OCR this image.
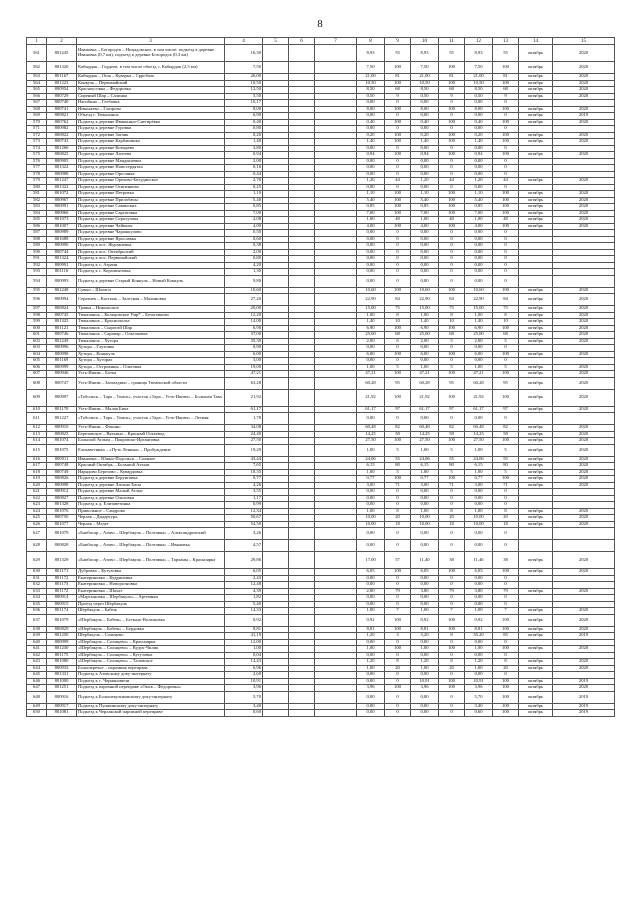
8
1	2	3	4	5	6	7	8	9	10	11	12	13	14	15
561	801245	Ивановка – Богородск – Ницадовское, в том числе: подъезд к деревне Ивановка (0,7 км), подъезд к деревне Богородск (0,3 км)	16,30				8,93	55	8,93	55	8,93	55	октябрь	2020
562	801320	Кабырдак – Гордеев, в том числе объезд с. Кабырдак (2,5 км)	7,50				7,50	100	7,50	100	7,50	100	октябрь	2020
563	801167	Кабырдак – Оша – Куварка – Срробаль	26,00				21,00	81	21,00	81	21,00	81	октябрь	2020
564	801223	Конкуль – Первомайский	10,50				10,50	100	10,50	100	10,50	100	октябрь	2020
565	800954	Красноусовка – Федоровка	12,50				8,50	68	8,50	68	8,50	68	октябрь	2020
566	800729	Сиреный Шар – Салинка	5,50				0,50	9	0,50	9	0,50	9	октябрь	2020
567	800740	Нагибино – Глебовка	10,17				0,00	0	0,00	0	0,00	0		
568	800741	Николаево – Глазрово	8,00				8,00	100	8,00	100	8,00	100	октябрь	2020
569	800821	Объезд г. Тюкалинск	6,90				0,00	0	0,00	0	0,00	0	октябрь	2019
570	800762	Подъезд к деревне Ивашкино-Снегирёвка	0,40				0,40	100	0,40	100	0,40	100	октябрь	2020
571	800982	Подъезд к деревне Гуровка	0,80				0,00	0	0,00	0	0,00	0		
572	800822	Подъезд к деревне Загаик	0,20				0,20	100	0,20	100	0,20	100	октябрь	2020
573	800743	Подъезд к деревне Карбашинка	1,40				1,40	100	1,40	100	1,40	100	октябрь	2020
574	801266	Подъезд к деревне Козырево	3,80				0,00	0	0,00	0	0,00	0		
575	800825	Подъезд к деревне Лаптева	0,94				0,94	100	0,94	100	0,94	100	октябрь	2020
576	800905	Подъезд к деревне Мандышевка	2,00				0,00	0	0,00	0	0,00	0		
577	801322	Подъезд к деревне Новосердятка	0,16				0,00	0	0,00	0	0,00	0		
578	800988	Подъезд к деревне Оросинка	0,44				0,00	0	0,00	0	0,00	0		
579	801247	Подъезд к деревне Орехово-Белудинское	2,70				1,20	44	1,20	44	1,20	44	октябрь	2020
580	801322	Подъезд к деревне Осипенково	0,25				0,00	0	0,00	0	0,00	0		
581	801072	Подъезд к деревне Петровка	1,10				1,10	100	1,10	100	1,10	100	октябрь	2020
582	800967	Подъезд к деревне Прилобачы	5,40				5,40	100	5,40	100	5,40	100	октябрь	2020
583	800991	Подъезд к деревне Савинских	0,85				0,85	100	0,85	100	0,85	100	октябрь	2020
584	800966	Подъезд к деревне Саргатавка	7,00				7,00	100	7,00	100	7,00	100	октябрь	2020
585	801073	Подъезд к деревне Серолузика	2,08				1,00	48	1,00	48	1,00	48	октябрь	2020
586	801007	Подъезд к деревне Чайкалы	4,00				4,00	100	4,00	100	4,00	100	октябрь	2020
587	800989	Подъезд к деревне Чарашкулово	0,50				0,00	0	0,00	0	0,00	0		
588	801688	Подъезд к деревне Ярославка	0,60				0,00	0	0,00	0	0,00	0		
589	800990	Подъезд к пос. Журавлевка	0,38				0,00	0	0,00	0	0,00	0		
590	800744	Подъезд к пос. Октябрьский	2,00				0,00	0	0,00	0	0,00	0		
591	801324	Подъезд к пос. Первомайский	0,80				0,00	0	0,00	0	0,00	0		
592	800991	Подъезд к с. Атрачи	4,20				0,00	0	0,00	0	0,00	0		
593	801116	Подъезд к с. Коралинтовка	1,30				0,00	0	0,00	0	0,00	0		
594	800993	Подъезд к деревне Старый Конкуль – Новый Конкуль	9,80				0,00	0	0,00	0	0,00	0		
595	801248	Сувыо – Шалаги	10,60				10,60	100	10,60	100	10,60	100	октябрь	2020
596	800994	Сератнек – Кастыль – Залесная – Малиновка	27,20				22,90	84	22,90	84	22,90	84	октябрь	2020
597	800824	Травка – Никольское	20,00				15,00	75	15,00	75	15,00	75	октябрь	2020
598	800745	Тюкалинск – Кольцовское Умр* – Безоговково	12,20				1,00	8	1,00	8	1,00	8	октябрь	2020
599	801325	Тюкалинск – Краснополье	14,00				1,40	10	1,40	10	1,40	10	октябрь	2020
600	801121	Тюкалинск – Сыропзй Шар	6,90				6,90	100	6,90	100	6,90	100	октябрь	2020
601	800746	Тюкалинск – Сарапар – Ольгоковка	37,00				25,00	68	25,00	68	25,00	68	октябрь	2020
602	801249	Тюкалинск – Хутора	35,30				2,00	6	2,00	5	2,00	5	октябрь	2020
603	800996	Хутора – Глуховка	0,90				0,00	0	0,00	0	0,00	0		
604	800998	Хутора – Конькуль	6,00				6,00	100	6,00	100	6,00	100	октябрь	2020
605	801169	Хутора – Хуторах	3,00				0,00	0	0,00	0	0,00	0		
606	800999	Хутора – Островины – Ольговка	19,00				1,00	5	1,00	5	1,00	5	октябрь	2020
607	800946	Усть-Ишим – Ботка	47,21				47,21	100	47,21	100	47,21	100	октябрь	2020
608	800747	Усть-Ишим – Загваздино – граница Тюменской области	63,28				60,28	95	60,28	95	60,28	95	октябрь	2020
609	800997	«Тобольск – Тара – Томск», участок «Тара – Усть-Ишим» – Большая Тава	21,92				21,92	100	21,92	100	21,92	100	октябрь	2020
610	801170	Усть-Ишим – Малая Бича	61,17				61,17	97	61,17	97	61,17	97	октябрь	2020
611	801227	«Тобольск – Тара – Томск», участок «Тара – Усть-Ишим» – Летняя	1,78				0,00	0	0,00	0	0,00	0		
612	800910	Усть-Ишим – Фокино	34,08				60,48	82	60,48	82	60,48	82	октябрь	2020
613	800825	Березовское – Вяткино – Красный Оскьевод	24,40				14,25	58	14,25	58	14,25	58	октябрь	2020
614	801074	Большой Атлым – Покровско-Ирганговка	27,50				27,50	100	27,50	100	27,50	100	октябрь	2020
615	801075	Елизаветинка – «Путь Ленина» – Пробуждение	19,29				1,00	5	1,00	5	1,00	5	октябрь	2020
616	800911	Ивановка – Южно-Подольск – Соляное	43,44				24,06	55	24,06	55	24,06	55	октябрь	2020
617	800748	Красный Октябрь – Большой Атлым	7,65				6,15	80	6,15	80	6,15	80	октябрь	2020
618	800749	Нарядово Березово – Кувардовка	18,35				1,00	5	1,00	5	1,00	5	октябрь	2020
619	800826	Подъезд к деревне Берунговка	0,77				0,77	100	0,77	100	0,77	100	октябрь	2020
620	800998	Подъезд к деревне Лисино Басы	4,26				3,00	71	3,00	71	3,00	71	октябрь	2020
621	800912	Подъезд к деревне Малый Атлыс	3,55				0,00	0	0,00	0	0,00	0		
622	800827	Подъезд к деревне Ольховка	1,17				0,00	0	0,00	0	0,00	0		
623	801328	Подъезд к д. Елизаветинка	0,99				0,00	0	0,00	0	0,00	0		
624	801076	Привольное – Сандрово	12,34				1,00	8	1,00	8	1,00	8	октябрь	2020
625	800750	Черлак – Дидартуръ	50,67				10,00	20	10,00	20	10,00	20	октябрь	2020
626	801077	Черлак – Медет	54,50				10,00	18	10,00	18	10,00	18	октябрь	2020
627	801079	«Баибасар – Азово – Шербакуль – Полтавка» – Александровский	3,26				0,00	0	0,00	0	0,00	0		
628	800828	«Баибасар – Азово – Шербакуль – Полтавка» – Ивановка	4,57				0,00	0	0,00	0	0,00	0		
629	801329	«Баибасар – Азово – Шербакуль – Полтавка» – Тарханы – Красноярка	29,86				17,00	57	11,40	38	11,46	38	октябрь	2020
630	801171	Дубровка – Кутузовка	6,05				6,05	100	6,05	100	6,05	100	октябрь	2020
631	801172	Екатериновка – Кудриновка	2,43				0,00	0	0,00	0	0,00	0		
632	801173	Екатериновка – Новорозновка	12,48				0,00	0	0,00	0	0,00	0		
633	801172	Екатериновка – Шахат	4,39				2,80	79	3,80	79	3,80	79	октябрь	2020
634	800914	«Мартыновка – Шербакуль» – Артемнки	1,82				0,00	0	0,00	0	0,00	0		
635	800915	Проезд через Шербакуль	5,40				0,00	0	0,00	0	0,00	0		
636	801174	Шербакуль – Бабеж	14,33				1,00	7	1,00	7	1,00	7	октябрь	2020
637	801079	«Шербакуль – Бабеж» – Бескаль-Волашовка	0,92				0,92	100	0,92	100	0,92	100	октябрь	2020
638	800829	«Шербакуль – Бабеж» – Бердовка	8,81				8,81	100	8,81	100	8,81	100	октябрь	2020
639	801250	Шербакуль – Солнцево	41,19				1,20	3	3,20	8	35,20	85	октябрь	2019
640	800999	«Шербакуль – Солнцево» – Красноярка	12,00				0,00	0	0,00	0	0,00	0		
641	801230	«Шербакуль – Солнцево» – Кудук-Чилик	1,00				1,00	100	1,00	100	1,00	100	октябрь	2020
642	801175	«Шербакуль – Солнцево» – Кутузовка	0,04				0,00	0	0,00	0	0,00	0		
643	801080	«Шербакуль – Солнцево» – Таловское	14,43				1,20	8	1,20	8	1,20	8	октябрь	2020
644	800933	Большеречье – паромная переправа	6,96				1,00	20	1,00	20	1,00	20	октябрь	2020
645	801331	Подъезд к Азовскому доку-интернату	2,60				0,00	0	0,00	0	0,00	0		
646	801000	Подъезд к с. Черняновичи	10,91				0,00	0	10,91	100	10,91	100	октябрь	2019
647	801251	Подъезд к паромной переправе «Омск – Федоровка»	3,96				3,96	100	3,96	100	3,96	100	октябрь	2020
648	800916	Подъезд к Большекуликовскому доку-интернату	5,70				0,00	0	0,00	0	5,70	100	октябрь	2019
649	800917	Подъезд к Пушкинскому доку-интернату	3,40				0,00	0	0,00	0	3,40	100	октябрь	2019
650	801081	Подъезд к Черлакской паромной переправе	0,60				0,00	0	0,00	0	0,60	100	октябрь	2019
